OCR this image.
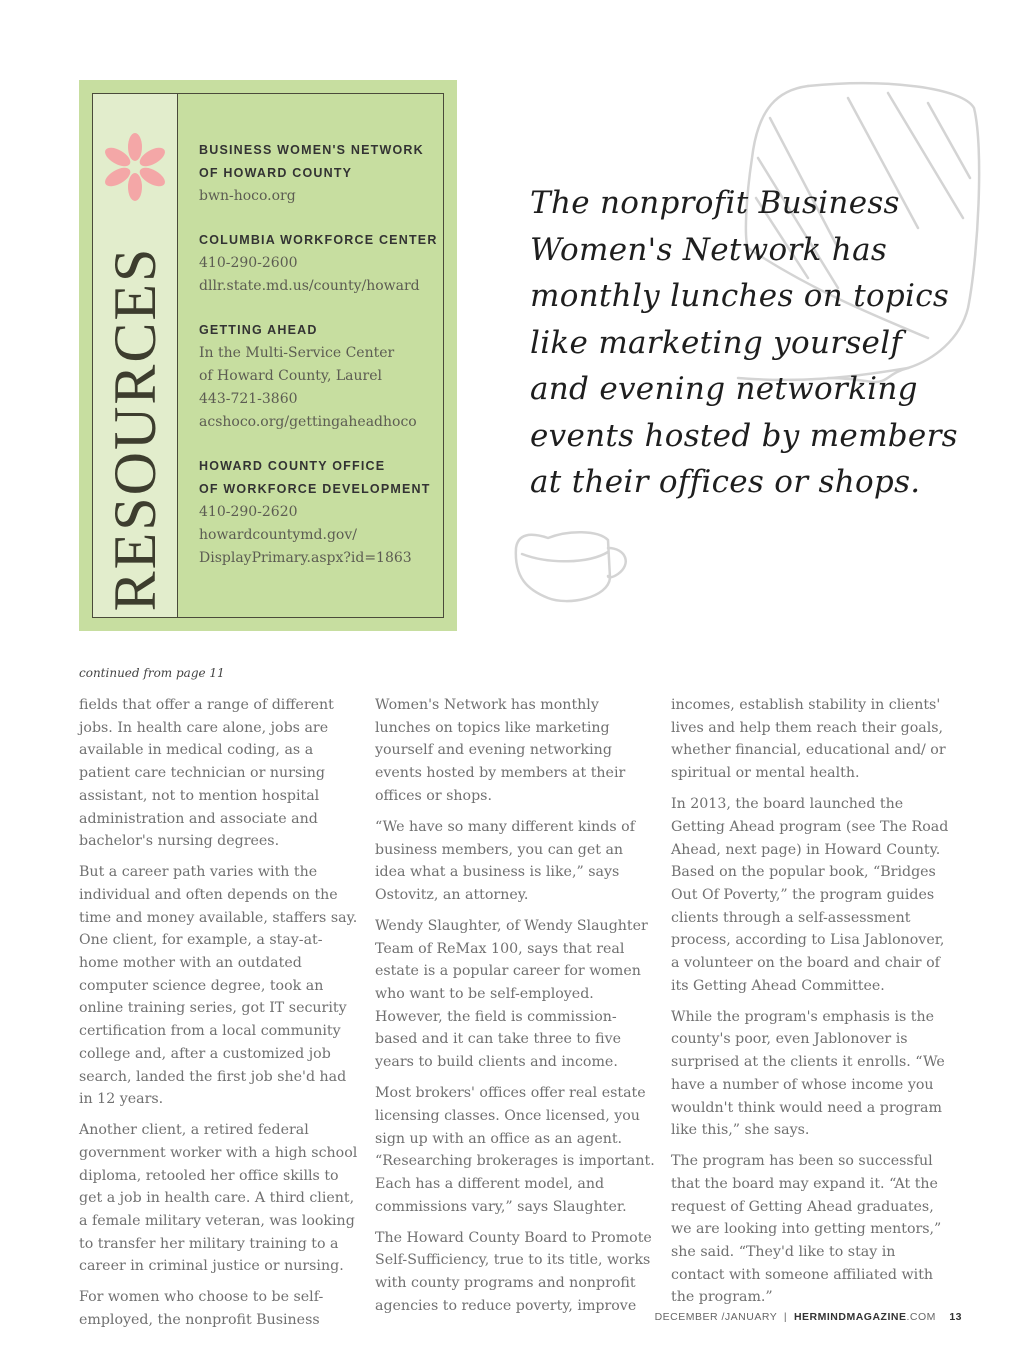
RESOURCES
BUSINESS WOMEN'S NETWORK
OF HOWARD COUNTY
bwn-hoco.org
COLUMBIA WORKFORCE CENTER
410-290-2600
dllr.state.md.us/county/howard
GETTING AHEAD
In the Multi-Service Center
of Howard County, Laurel
443-721-3860
acshoco.org/gettingaheadhoco
HOWARD COUNTY OFFICE
OF WORKFORCE DEVELOPMENT
410-290-2620
howardcountymd.gov/
DisplayPrimary.aspx?id=1863

The nonprofit Business Women's Network has monthly lunches on topics like marketing yourself and evening networking events hosted by members at their offices or shops.

continued from page 11

fields that offer a range of different jobs. In health care alone, jobs are available in medical coding, as a patient care technician or nursing assistant, not to mention hospital administration and associate and bachelor's nursing degrees.

But a career path varies with the individual and often depends on the time and money available, staffers say. One client, for example, a stay-at-home mother with an outdated computer science degree, took an online training series, got IT security certification from a local community college and, after a customized job search, landed the first job she'd had in 12 years.

Another client, a retired federal government worker with a high school diploma, retooled her office skills to get a job in health care. A third client, a female military veteran, was looking to transfer her military training to a career in criminal justice or nursing.

For women who choose to be self-employed, the nonprofit Business

Women's Network has monthly lunches on topics like marketing yourself and evening networking events hosted by members at their offices or shops.

“We have so many different kinds of business members, you can get an idea what a business is like,” says Ostovitz, an attorney.

Wendy Slaughter, of Wendy Slaughter Team of ReMax 100, says that real estate is a popular career for women who want to be self-employed. However, the field is commission-based and it can take three to five years to build clients and income.

Most brokers' offices offer real estate licensing classes. Once licensed, you sign up with an office as an agent. “Researching brokerages is important. Each has a different model, and commissions vary,” says Slaughter.

The Howard County Board to Promote Self-Sufficiency, true to its title, works with county programs and nonprofit agencies to reduce poverty, improve

incomes, establish stability in clients' lives and help them reach their goals, whether financial, educational and/ or spiritual or mental health.

In 2013, the board launched the Getting Ahead program (see The Road Ahead, next page) in Howard County. Based on the popular book, “Bridges Out Of Poverty,” the program guides clients through a self-assessment process, according to Lisa Jablonover, a volunteer on the board and chair of its Getting Ahead Committee.

While the program's emphasis is the county's poor, even Jablonover is surprised at the clients it enrolls. “We have a number of whose income you wouldn't think would need a program like this,” she says.

The program has been so successful that the board may expand it. “At the request of Getting Ahead graduates, we are looking into getting mentors,” she said. “They'd like to stay in contact with someone affiliated with the program.”

DECEMBER /JANUARY | HERMINDMAGAZINE.COM 13
